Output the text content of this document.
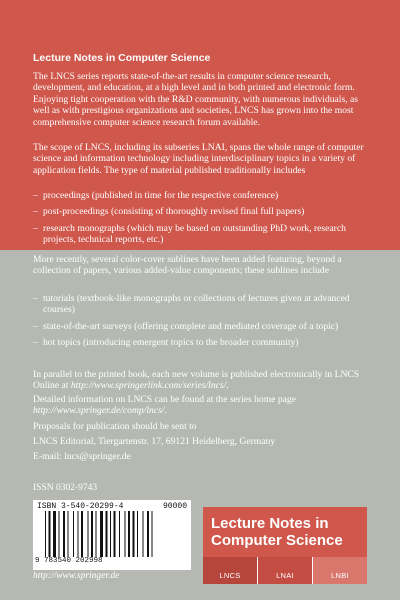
Lecture Notes in Computer Science

The LNCS series reports state-of-the-art results in computer science research, development, and education, at a high level and in both printed and electronic form. Enjoying tight cooperation with the R&D community, with numerous individuals, as well as with prestigious organizations and societies, LNCS has grown into the most comprehensive computer science research forum available.

The scope of LNCS, including its subseries LNAI, spans the whole range of computer science and information technology including interdisciplinary topics in a variety of application fields. The type of material published traditionally includes

– proceedings (published in time for the respective conference)
– post-proceedings (consisting of thoroughly revised final full papers)
– research monographs (which may be based on outstanding PhD work, research projects, technical reports, etc.)

More recently, several color-cover sublines have been added featuring, beyond a collection of papers, various added-value components; these sublines include

– tutorials (textbook-like monographs or collections of lectures given at advanced courses)
– state-of-the-art surveys (offering complete and mediated coverage of a topic)
– hot topics (introducing emergent topics to the broader community)

In parallel to the printed book, each new volume is published electronically in LNCS Online at http://www.springerlink.com/series/lncs/.

Detailed information on LNCS can be found at the series home page http://www.springer.de/comp/lncs/.

Proposals for publication should be sent to

LNCS Editorial, Tiergartenstr. 17, 69121 Heidelberg, Germany

E-mail: lncs@springer.de

ISSN 0302-9743
ISBN 3-540-20299-4	90000
9 783540 202998
http://www.springer.de
Lecture Notes in
Computer Science
LNCS	LNAI	LNBI
